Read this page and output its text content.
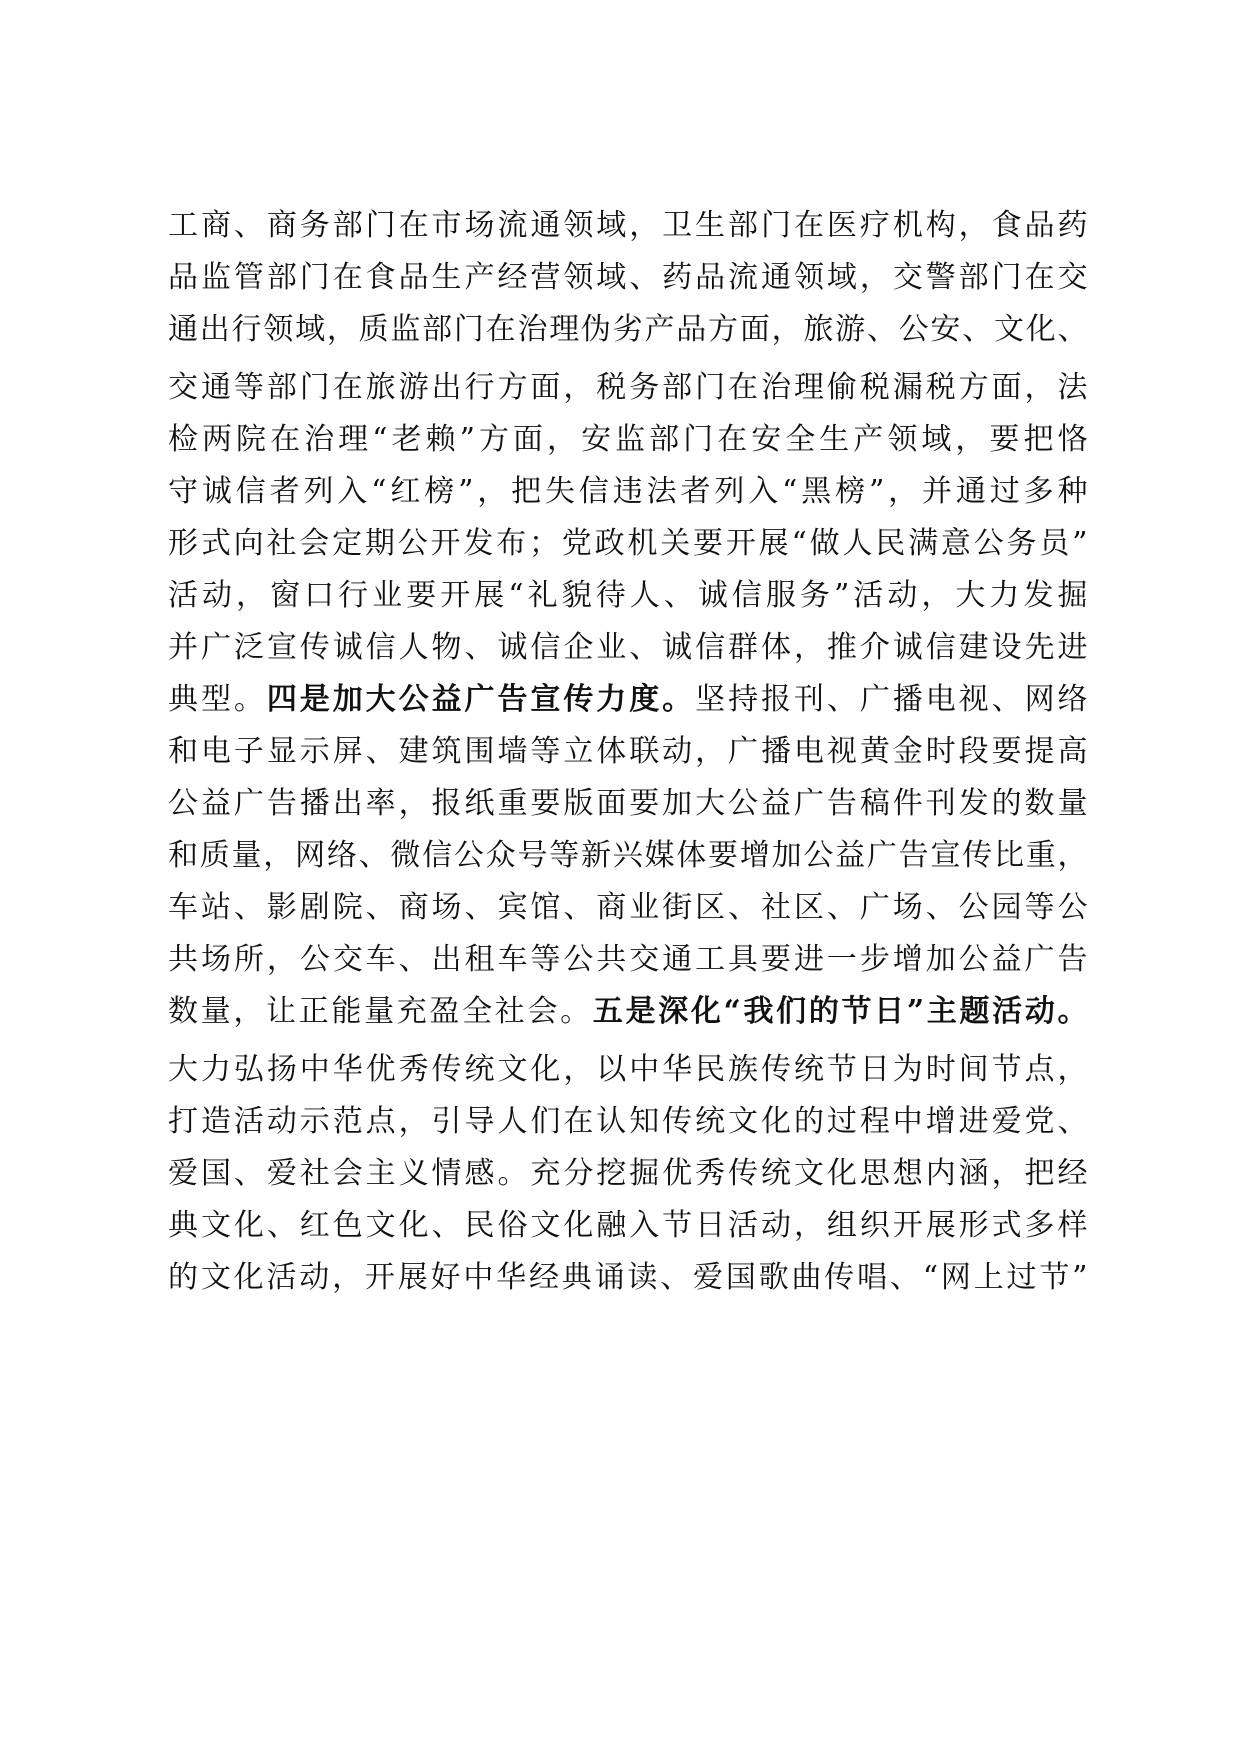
工商、商务部门在市场流通领域，卫生部门在医疗机构，食品药
品监管部门在食品生产经营领域、药品流通领域，交警部门在交
通出行领域，质监部门在治理伪劣产品方面，旅游、公安、文化、
交通等部门在旅游出行方面，税务部门在治理偷税漏税方面，法
检两院在治理“老赖”方面，安监部门在安全生产领域，要把恪
守诚信者列入“红榜”，把失信违法者列入“黑榜”，并通过多种
形式向社会定期公开发布；党政机关要开展“做人民满意公务员”
活动，窗口行业要开展“礼貌待人、诚信服务”活动，大力发掘
并广泛宣传诚信人物、诚信企业、诚信群体，推介诚信建设先进
典型。四是加大公益广告宣传力度。坚持报刊、广播电视、网络
和电子显示屏、建筑围墙等立体联动，广播电视黄金时段要提高
公益广告播出率，报纸重要版面要加大公益广告稿件刊发的数量
和质量，网络、微信公众号等新兴媒体要增加公益广告宣传比重，
车站、影剧院、商场、宾馆、商业街区、社区、广场、公园等公
共场所，公交车、出租车等公共交通工具要进一步增加公益广告
数量，让正能量充盈全社会。五是深化“我们的节日”主题活动。
大力弘扬中华优秀传统文化，以中华民族传统节日为时间节点，
打造活动示范点，引导人们在认知传统文化的过程中增进爱党、
爱国、爱社会主义情感。充分挖掘优秀传统文化思想内涵，把经
典文化、红色文化、民俗文化融入节日活动，组织开展形式多样
的文化活动，开展好中华经典诵读、爱国歌曲传唱、“网上过节”
